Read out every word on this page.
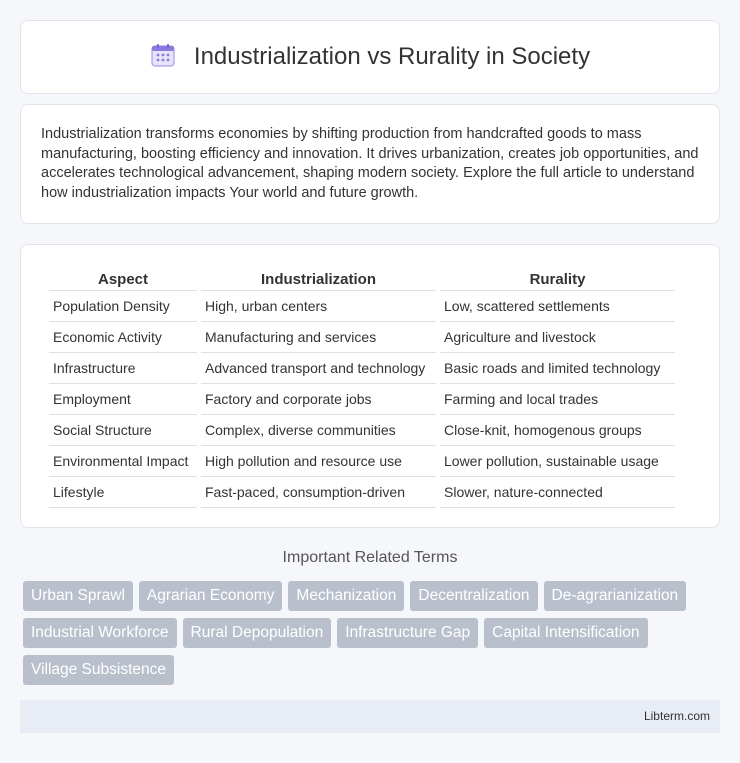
Industrialization vs Rurality in Society

Industrialization transforms economies by shifting production from handcrafted goods to mass manufacturing, boosting efficiency and innovation. It drives urbanization, creates job opportunities, and accelerates technological advancement, shaping modern society. Explore the full article to understand how industrialization impacts Your world and future growth.

Aspect	Industrialization	Rurality
Population Density	High, urban centers	Low, scattered settlements
Economic Activity	Manufacturing and services	Agriculture and livestock
Infrastructure	Advanced transport and technology	Basic roads and limited technology
Employment	Factory and corporate jobs	Farming and local trades
Social Structure	Complex, diverse communities	Close-knit, homogenous groups
Environmental Impact	High pollution and resource use	Lower pollution, sustainable usage
Lifestyle	Fast-paced, consumption-driven	Slower, nature-connected
Important Related Terms
Urban Sprawl	Agrarian Economy	Mechanization	Decentralization	De-agrarianization
Industrial Workforce	Rural Depopulation	Infrastructure Gap	Capital Intensification
Village Subsistence
Libterm.com
